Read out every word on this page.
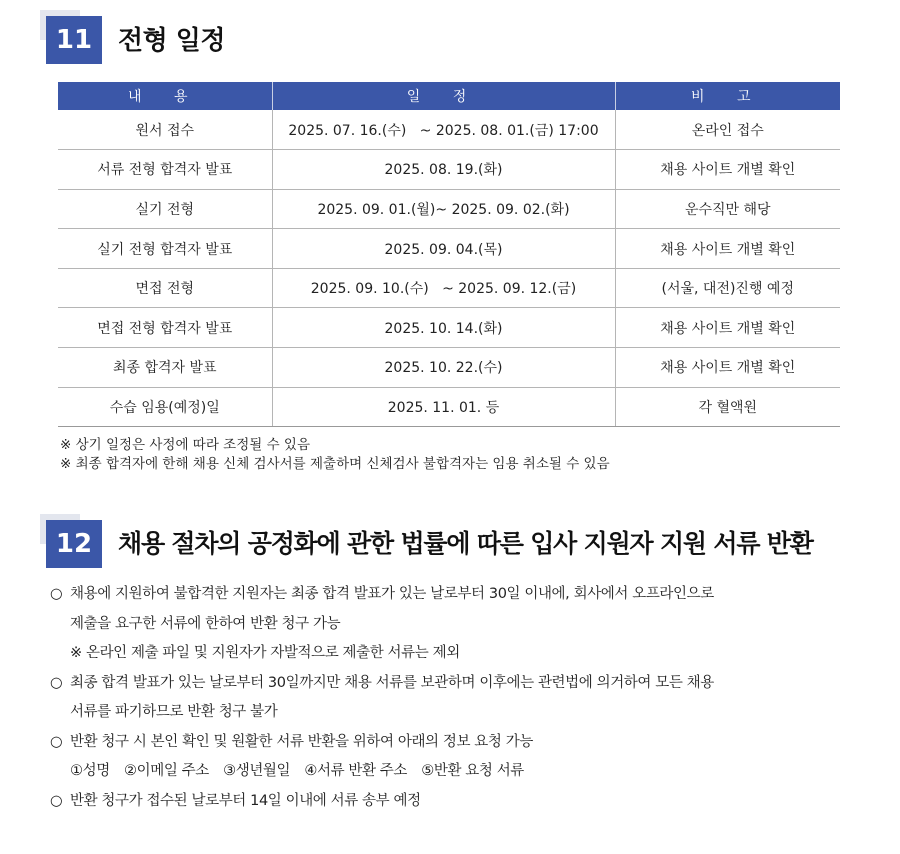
11 전형 일정
내 용	일 정	비 고
원서 접수	2025. 07. 16.(수)   ~ 2025. 08. 01.(금) 17:00	온라인 접수
서류 전형 합격자 발표	2025. 08. 19.(화)	채용 사이트 개별 확인
실기 전형	2025. 09. 01.(월)~ 2025. 09. 02.(화)	운수직만 해당
실기 전형 합격자 발표	2025. 09. 04.(목)	채용 사이트 개별 확인
면접 전형	2025. 09. 10.(수)   ~ 2025. 09. 12.(금)	(서울, 대전)진행 예정
면접 전형 합격자 발표	2025. 10. 14.(화)	채용 사이트 개별 확인
최종 합격자 발표	2025. 10. 22.(수)	채용 사이트 개별 확인
수습 임용(예정)일	2025. 11. 01. 등	각 혈액원
※ 상기 일정은 사정에 따라 조정될 수 있음
※ 최종 합격자에 한해 채용 신체 검사서를 제출하며 신체검사 불합격자는 임용 취소될 수 있음
12	채용 절차의 공정화에 관한 법률에 따른 입사 지원자 지원 서류 반환
○ 채용에 지원하여 불합격한 지원자는 최종 합격 발표가 있는 날로부터 30일 이내에, 회사에서 오프라인으로
제출을 요구한 서류에 한하여 반환 청구 가능
※ 온라인 제출 파일 및 지원자가 자발적으로 제출한 서류는 제외
○ 최종 합격 발표가 있는 날로부터 30일까지만 채용 서류를 보관하며 이후에는 관련법에 의거하여 모든 채용
서류를 파기하므로 반환 청구 불가
○ 반환 청구 시 본인 확인 및 원활한 서류 반환을 위하여 아래의 정보 요청 가능
①성명 ②이메일 주소 ③생년월일 ④서류 반환 주소 ⑤반환 요청 서류
○ 반환 청구가 접수된 날로부터 14일 이내에 서류 송부 예정
